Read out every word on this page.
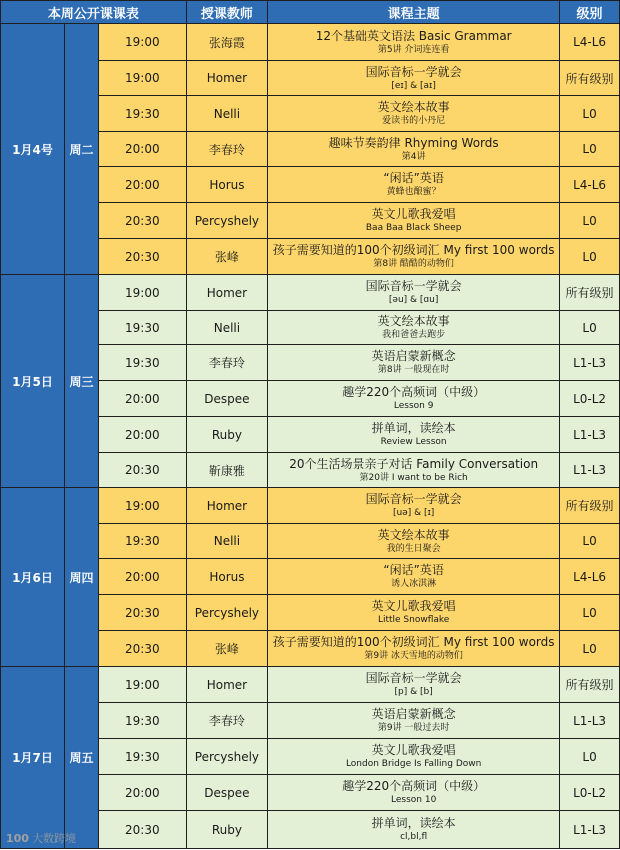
本周公开课课表			授课教师	课程主题	级别
1月4号	周二	19:00	张海霞	12个基础英文语法 Basic Grammar
第5讲 介词连连看	L4-L6
		19:00	Homer	国际音标一学就会
[eɪ] & [aɪ]	所有级别
		19:30	Nelli	英文绘本故事
爱读书的小丹尼	L0
		20:00	李春玲	趣味节奏韵律 Rhyming Words
第4讲	L0
		20:00	Horus	“闲话”英语
黄蜂也酿蜜？	L4-L6
		20:30	Percyshely	英文儿歌我爱唱
Baa Baa Black Sheep	L0
		20:30	张峰	孩子需要知道的100个初级词汇 My first 100 words
第8讲 酷酷的动物们	L0
1月5日	周三	19:00	Homer	国际音标一学就会
[əu] & [ɑu]	所有级别
		19:30	Nelli	英文绘本故事
我和爸爸去跑步	L0
		19:30	李春玲	英语启蒙新概念
第8讲 一般现在时	L1-L3
		20:00	Despee	趣学220个高频词（中级）
Lesson 9	L0-L2
		20:00	Ruby	拼单词，读绘本
Review Lesson	L1-L3
		20:30	靳康雅	20个生活场景亲子对话 Family Conversation
第20讲 I want to be Rich	L1-L3
1月6日	周四	19:00	Homer	国际音标一学就会
[uə] & [ɪ]	所有级别
		19:30	Nelli	英文绘本故事
我的生日聚会	L0
		20:00	Horus	“闲话”英语
诱人冰淇淋	L4-L6
		20:30	Percyshely	英文儿歌我爱唱
Little Snowflake	L0
		20:30	张峰	孩子需要知道的100个初级词汇 My first 100 words
第9讲 冰天雪地的动物们	L0
1月7日	周五	19:00	Homer	国际音标一学就会
[p] & [b]	所有级别
		19:30	李春玲	英语启蒙新概念
第9讲 一般过去时	L1-L3
		19:30	Percyshely	英文儿歌我爱唱
London Bridge Is Falling Down	L0
		20:00	Despee	趣学220个高频词（中级）
Lesson 10	L0-L2
		20:30	Ruby	拼单词，读绘本
cl,bl,fl	L1-L3
100 大数跨境
